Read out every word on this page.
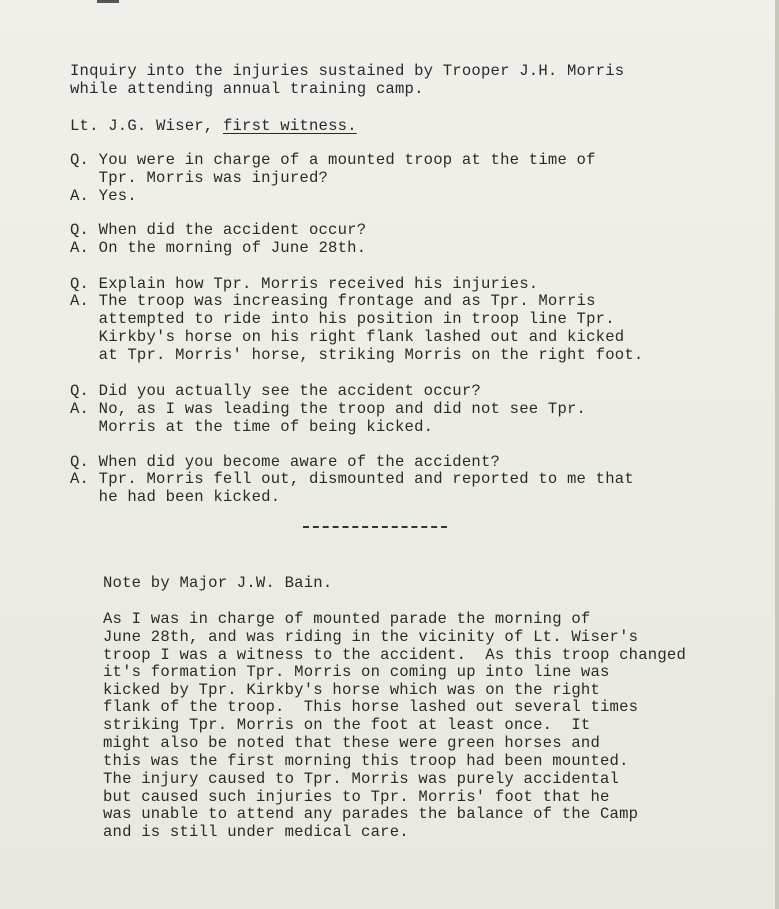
Inquiry into the injuries sustained by Trooper J.H. Morris
while attending annual training camp.
Lt. J.G. Wiser, first witness.
Q. You were in charge of a mounted troop at the time of
Tpr. Morris was injured?
A. Yes.
Q. When did the accident occur?
A. On the morning of June 28th.
Q. Explain how Tpr. Morris received his injuries.
A. The troop was increasing frontage and as Tpr. Morris
attempted to ride into his position in troop line Tpr.
Kirkby's horse on his right flank lashed out and kicked
at Tpr. Morris' horse, striking Morris on the right foot.
Q. Did you actually see the accident occur?
A. No, as I was leading the troop and did not see Tpr.
Morris at the time of being kicked.
Q. When did you become aware of the accident?
A. Tpr. Morris fell out, dismounted and reported to me that
he had been kicked.
Note by Major J.W. Bain.
As I was in charge of mounted parade the morning of
June 28th, and was riding in the vicinity of Lt. Wiser's
troop I was a witness to the accident.  As this troop changed
it's formation Tpr. Morris on coming up into line was
kicked by Tpr. Kirkby's horse which was on the right
flank of the troop.  This horse lashed out several times
striking Tpr. Morris on the foot at least once.  It
might also be noted that these were green horses and
this was the first morning this troop had been mounted.
The injury caused to Tpr. Morris was purely accidental
but caused such injuries to Tpr. Morris' foot that he
was unable to attend any parades the balance of the Camp
and is still under medical care.
